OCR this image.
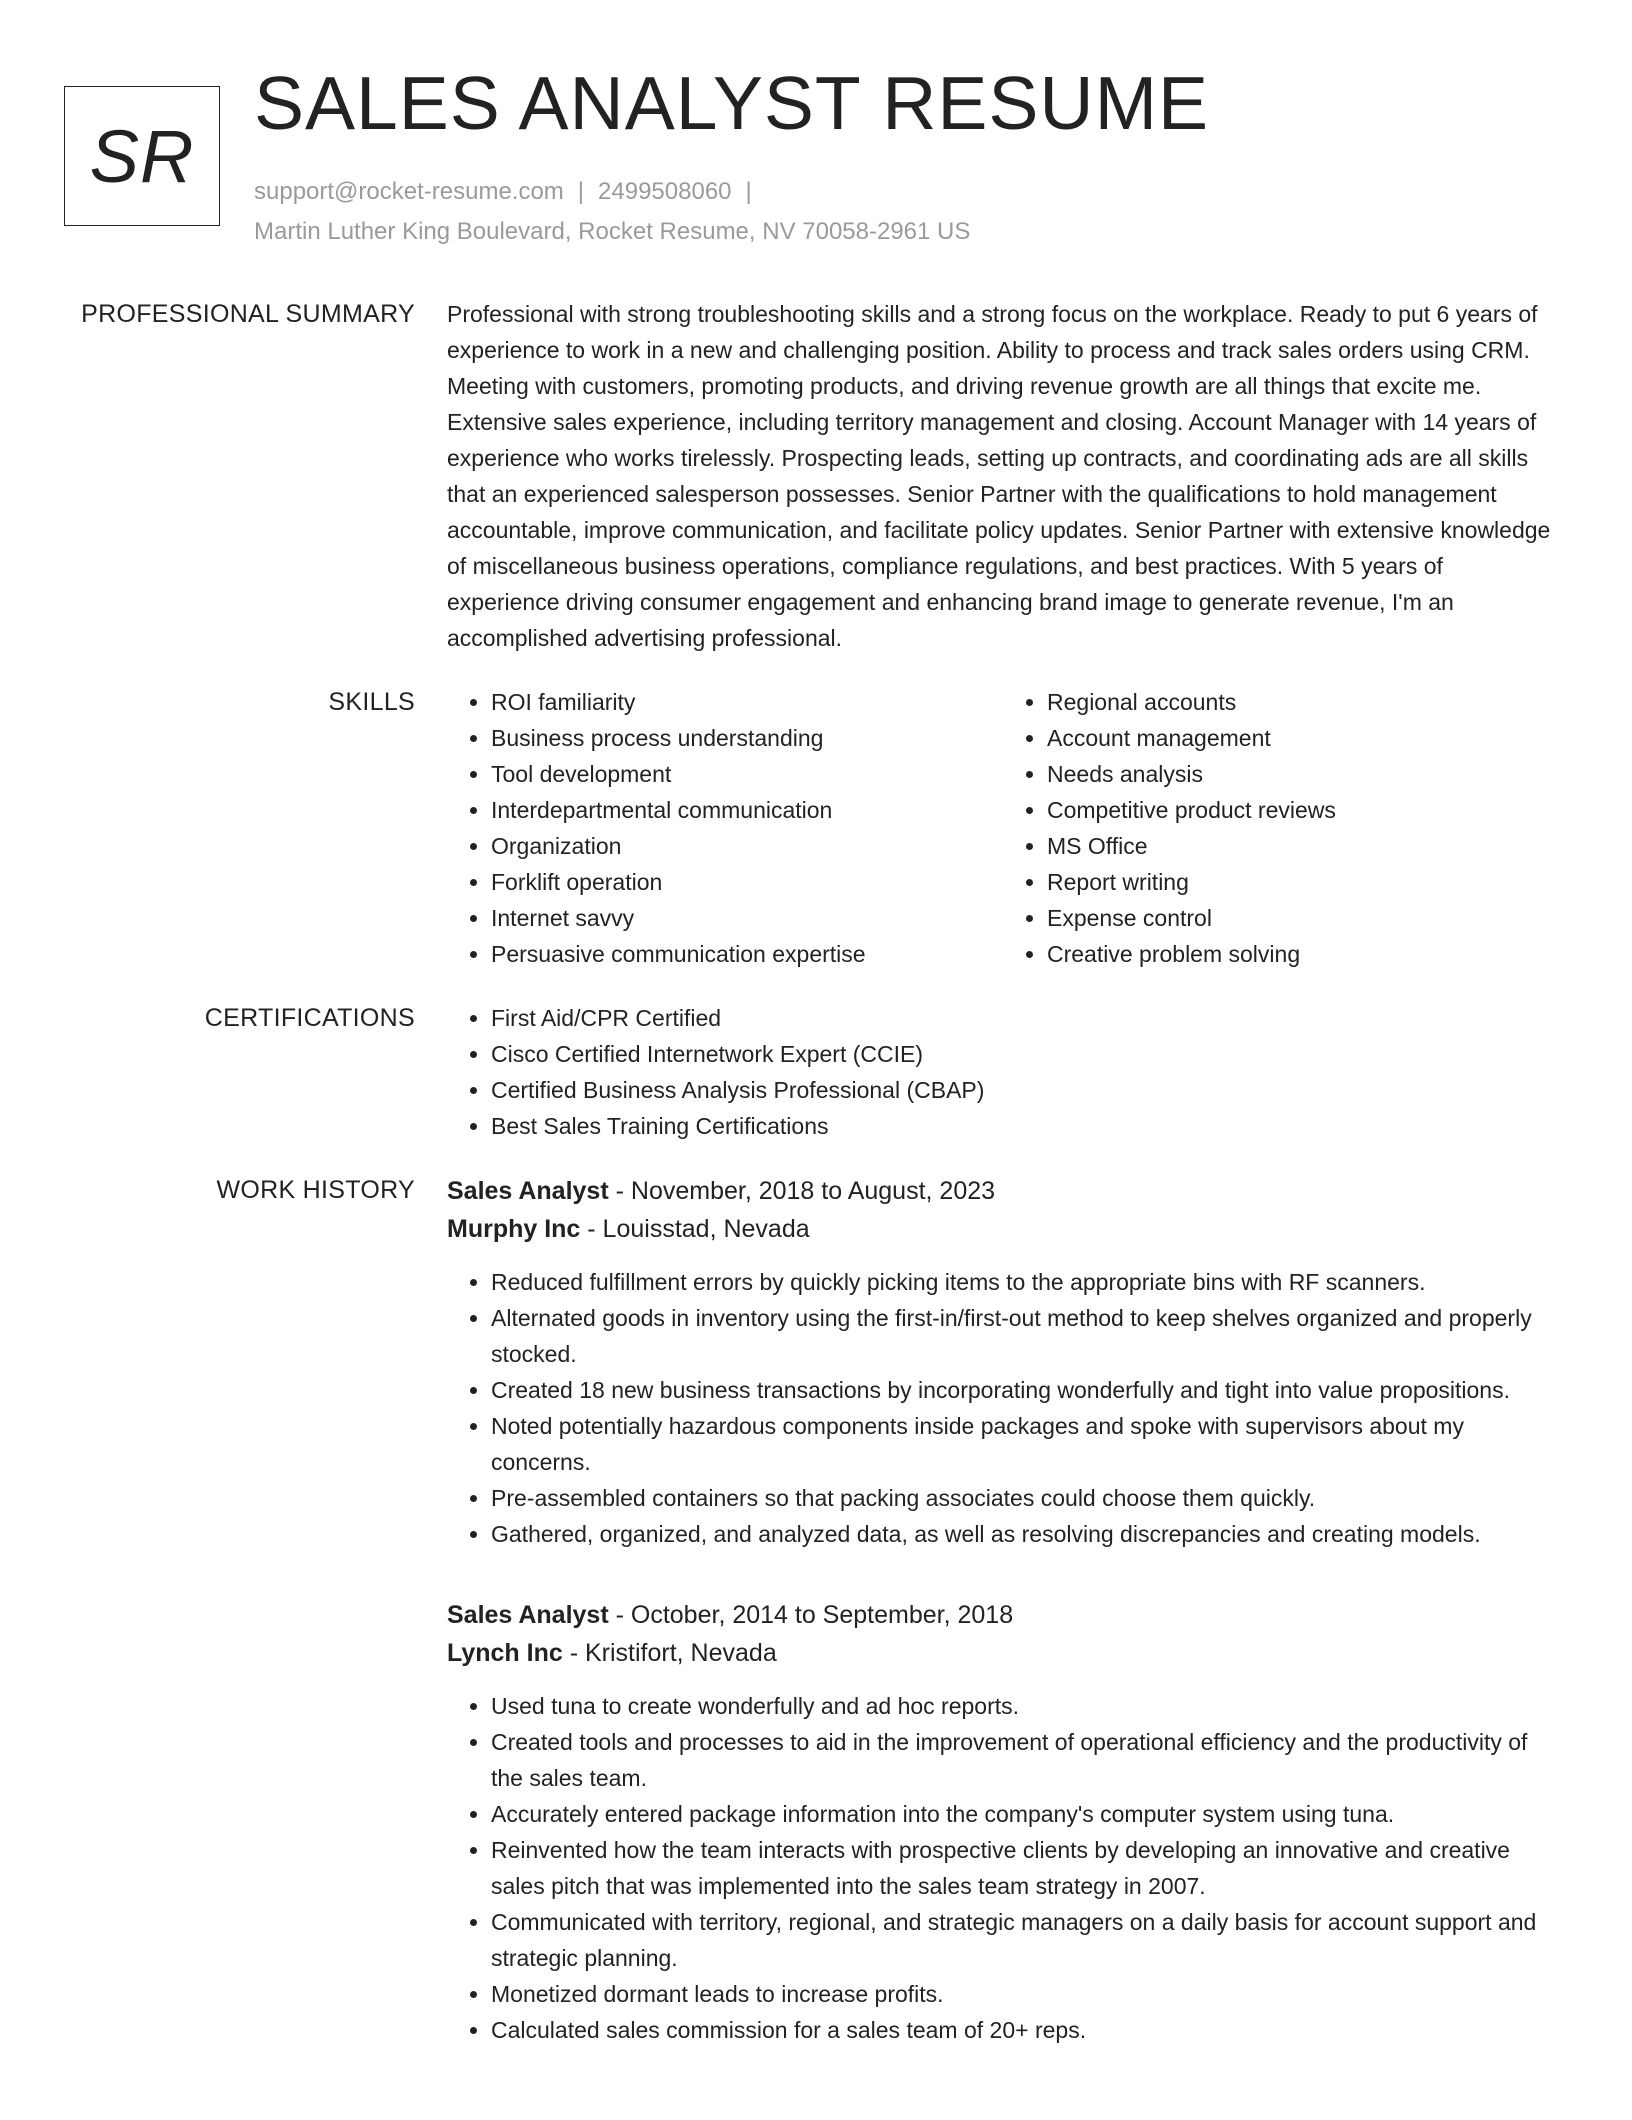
SR
SALES ANALYST RESUME
support@rocket-resume.com | 2499508060 |
Martin Luther King Boulevard, Rocket Resume, NV 70058-2961 US
PROFESSIONAL SUMMARY Professional with strong troubleshooting skills and a strong focus on the workplace. Ready to put 6 years of experience to work in a new and challenging position. Ability to process and track sales orders using CRM. Meeting with customers, promoting products, and driving revenue growth are all things that excite me. Extensive sales experience, including territory management and closing. Account Manager with 14 years of experience who works tirelessly. Prospecting leads, setting up contracts, and coordinating ads are all skills that an experienced salesperson possesses. Senior Partner with the qualifications to hold management accountable, improve communication, and facilitate policy updates. Senior Partner with extensive knowledge of miscellaneous business operations, compliance regulations, and best practices. With 5 years of experience driving consumer engagement and enhancing brand image to generate revenue, I'm an accomplished advertising professional.

SKILLS	• ROI familiarity
• Business process understanding
• Tool development
• Interdepartmental communication
• Organization
• Forklift operation
• Internet savvy
• Persuasive communication expertise
• Regional accounts
• Account management
• Needs analysis
• Competitive product reviews
• MS Office
• Report writing
• Expense control
• Creative problem solving
CERTIFICATIONS	• First Aid/CPR Certified
• Cisco Certified Internetwork Expert (CCIE)
• Certified Business Analysis Professional (CBAP)
• Best Sales Training Certifications
WORK HISTORY Sales Analyst - November, 2018 to August, 2023
Murphy Inc - Louisstad, Nevada
• Reduced fulfillment errors by quickly picking items to the appropriate bins with RF scanners.
• Alternated goods in inventory using the first-in/first-out method to keep shelves organized and properly stocked.
• Created 18 new business transactions by incorporating wonderfully and tight into value propositions.
• Noted potentially hazardous components inside packages and spoke with supervisors about my concerns.
• Pre-assembled containers so that packing associates could choose them quickly.
• Gathered, organized, and analyzed data, as well as resolving discrepancies and creating models.
Sales Analyst - October, 2014 to September, 2018
Lynch Inc - Kristifort, Nevada
• Used tuna to create wonderfully and ad hoc reports.
• Created tools and processes to aid in the improvement of operational efficiency and the productivity of the sales team.
• Accurately entered package information into the company's computer system using tuna.
• Reinvented how the team interacts with prospective clients by developing an innovative and creative sales pitch that was implemented into the sales team strategy in 2007.
• Communicated with territory, regional, and strategic managers on a daily basis for account support and strategic planning.
• Monetized dormant leads to increase profits.
• Calculated sales commission for a sales team of 20+ reps.
